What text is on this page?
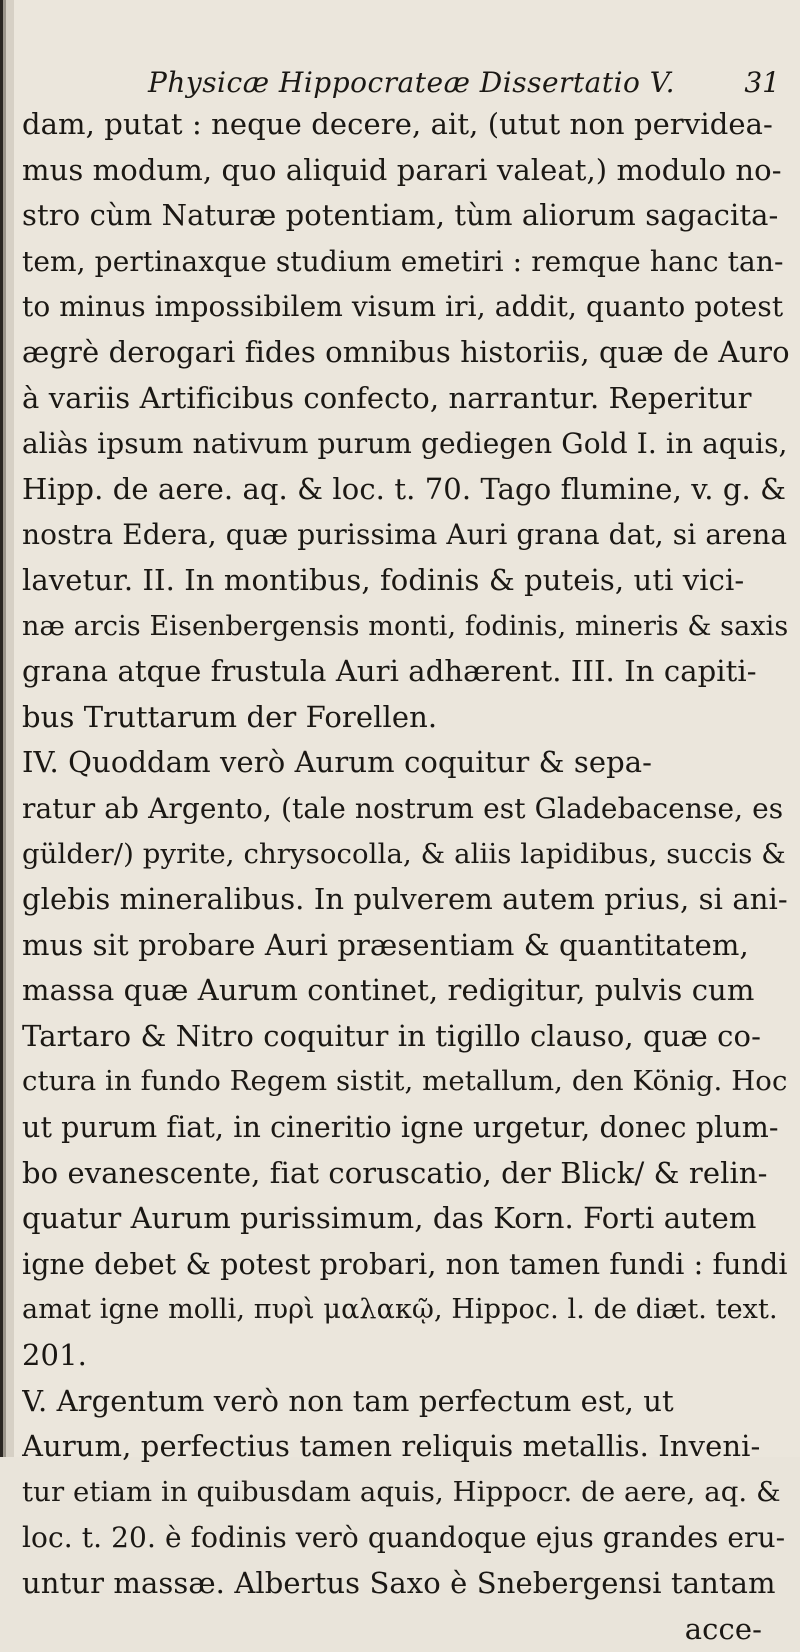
Physicæ Hippocrateæ Dissertatio V. 31
dam, putat : neque decere, ait, (utut non pervidea-
mus modum, quo aliquid parari valeat,) modulo no-
stro cùm Naturæ potentiam, tùm aliorum sagacita-
tem, pertinaxque studium emetiri : remque hanc tan-
to minus impossibilem visum iri, addit, quanto potest
ægrè derogari fides omnibus historiis, quæ de Auro
à variis Artificibus confecto, narrantur. Reperitur
aliàs ipsum nativum purum gediegen Gold I. in aquis,
Hipp. de aere. aq. & loc. t. 70. Tago flumine, v. g. &
nostra Edera, quæ purissima Auri grana dat, si arena
lavetur. II. In montibus, fodinis & puteis, uti vici-
næ arcis Eisenbergensis monti, fodinis, mineris & saxis
grana atque frustula Auri adhærent. III. In capiti-
bus Truttarum der Forellen.
IV. Quoddam verò Aurum coquitur & sepa-
ratur ab Argento, (tale nostrum est Gladebacense, es
gülder/) pyrite, chrysocolla, & aliis lapidibus, succis &
glebis mineralibus. In pulverem autem prius, si ani-
mus sit probare Auri præsentiam & quantitatem,
massa quæ Aurum continet, redigitur, pulvis cum
Tartaro & Nitro coquitur in tigillo clauso, quæ co-
ctura in fundo Regem sistit, metallum, den König. Hoc
ut purum fiat, in cineritio igne urgetur, donec plum-
bo evanescente, fiat coruscatio, der Blick/ & relin-
quatur Aurum purissimum, das Korn. Forti autem
igne debet & potest probari, non tamen fundi : fundi
amat igne molli, πυρὶ μαλακῷ, Hippoc. l. de diæt. text.
201.
V. Argentum verò non tam perfectum est, ut
Aurum, perfectius tamen reliquis metallis. Inveni-
tur etiam in quibusdam aquis, Hippocr. de aere, aq. &
loc. t. 20. è fodinis verò quandoque ejus grandes eru-
untur massæ. Albertus Saxo è Snebergensi tantam
acce-
